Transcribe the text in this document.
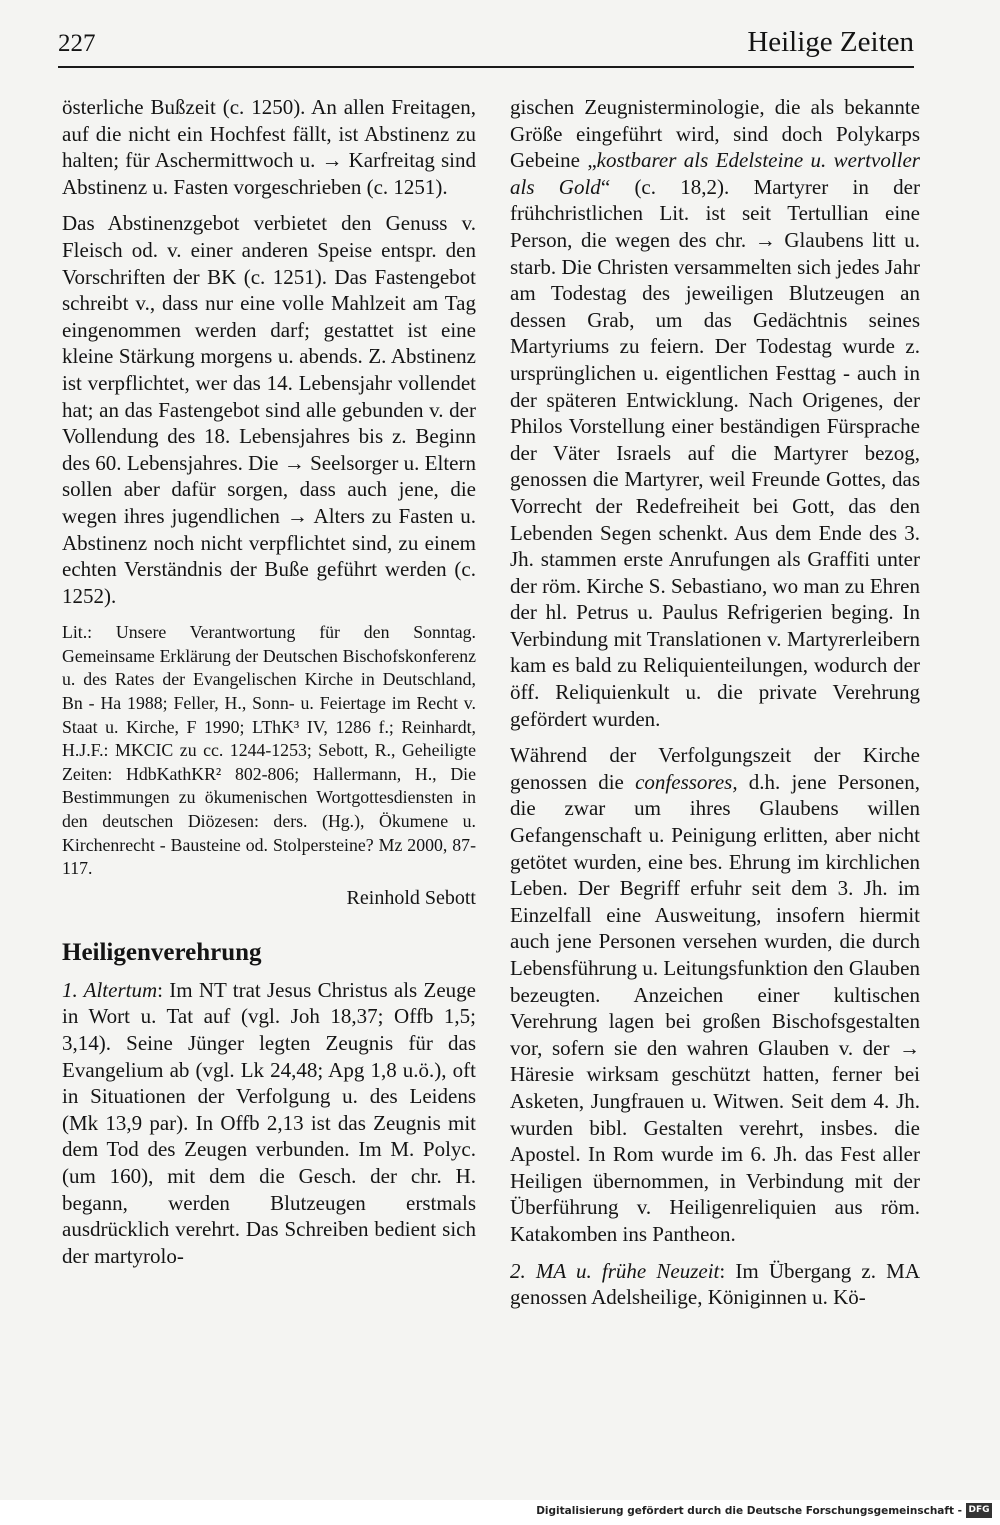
227	Heilige Zeiten

österliche Bußzeit (c. 1250). An allen Freitagen, auf die nicht ein Hochfest fällt, ist Abstinenz zu halten; für Aschermittwoch u. → Karfreitag sind Abstinenz u. Fasten vorgeschrieben (c. 1251).

Das Abstinenzgebot verbietet den Genuss v. Fleisch od. v. einer anderen Speise entspr. den Vorschriften der BK (c. 1251). Das Fastengebot schreibt v., dass nur eine volle Mahlzeit am Tag eingenommen werden darf; gestattet ist eine kleine Stärkung morgens u. abends. Z. Abstinenz ist verpflichtet, wer das 14. Lebensjahr vollendet hat; an das Fastengebot sind alle gebunden v. der Vollendung des 18. Lebensjahres bis z. Beginn des 60. Lebensjahres. Die → Seelsorger u. Eltern sollen aber dafür sorgen, dass auch jene, die wegen ihres jugendlichen → Alters zu Fasten u. Abstinenz noch nicht verpflichtet sind, zu einem echten Verständnis der Buße geführt werden (c. 1252).

Lit.: Unsere Verantwortung für den Sonntag. Gemeinsame Erklärung der Deutschen Bischofskonferenz u. des Rates der Evangelischen Kirche in Deutschland, Bn - Ha 1988; Feller, H., Sonn- u. Feiertage im Recht v. Staat u. Kirche, F 1990; LThK³ IV, 1286 f.; Reinhardt, H.J.F.: MKCIC zu cc. 1244-1253; Sebott, R., Geheiligte Zeiten: HdbKathKR² 802-806; Hallermann, H., Die Bestimmungen zu ökumenischen Wortgottesdiensten in den deutschen Diözesen: ders. (Hg.), Ökumene u. Kirchenrecht - Bausteine od. Stolpersteine? Mz 2000, 87-117.

Reinhold Sebott

Heiligenverehrung

1. Altertum: Im NT trat Jesus Christus als Zeuge in Wort u. Tat auf (vgl. Joh 18,37; Offb 1,5; 3,14). Seine Jünger legten Zeugnis für das Evangelium ab (vgl. Lk 24,48; Apg 1,8 u.ö.), oft in Situationen der Verfolgung u. des Leidens (Mk 13,9 par). In Offb 2,13 ist das Zeugnis mit dem Tod des Zeugen verbunden. Im M. Polyc. (um 160), mit dem die Gesch. der chr. H. begann, werden Blutzeugen erstmals ausdrücklich verehrt. Das Schreiben bedient sich der martyrolo-

gischen Zeugnisterminologie, die als bekannte Größe eingeführt wird, sind doch Polykarps Gebeine „kostbarer als Edelsteine u. wertvoller als Gold“ (c. 18,2). Martyrer in der frühchristlichen Lit. ist seit Tertullian eine Person, die wegen des chr. → Glaubens litt u. starb. Die Christen versammelten sich jedes Jahr am Todestag des jeweiligen Blutzeugen an dessen Grab, um das Gedächtnis seines Martyriums zu feiern. Der Todestag wurde z. ursprünglichen u. eigentlichen Festtag - auch in der späteren Entwicklung. Nach Origenes, der Philos Vorstellung einer beständigen Fürsprache der Väter Israels auf die Martyrer bezog, genossen die Martyrer, weil Freunde Gottes, das Vorrecht der Redefreiheit bei Gott, das den Lebenden Segen schenkt. Aus dem Ende des 3. Jh. stammen erste Anrufungen als Graffiti unter der röm. Kirche S. Sebastiano, wo man zu Ehren der hl. Petrus u. Paulus Refrigerien beging. In Verbindung mit Translationen v. Martyrerleibern kam es bald zu Reliquienteilungen, wodurch der öff. Reliquienkult u. die private Verehrung gefördert wurden.

Während der Verfolgungszeit der Kirche genossen die confessores, d.h. jene Personen, die zwar um ihres Glaubens willen Gefangenschaft u. Peinigung erlitten, aber nicht getötet wurden, eine bes. Ehrung im kirchlichen Leben. Der Begriff erfuhr seit dem 3. Jh. im Einzelfall eine Ausweitung, insofern hiermit auch jene Personen versehen wurden, die durch Lebensführung u. Leitungsfunktion den Glauben bezeugten. Anzeichen einer kultischen Verehrung lagen bei großen Bischofsgestalten vor, sofern sie den wahren Glauben v. der → Häresie wirksam geschützt hatten, ferner bei Asketen, Jungfrauen u. Witwen. Seit dem 4. Jh. wurden bibl. Gestalten verehrt, insbes. die Apostel. In Rom wurde im 6. Jh. das Fest aller Heiligen übernommen, in Verbindung mit der Überführung v. Heiligenreliquien aus röm. Katakomben ins Pantheon.

2. MA u. frühe Neuzeit: Im Übergang z. MA genossen Adelsheilige, Königinnen u. Kö-

Digitalisierung gefördert durch die Deutsche Forschungsgemeinschaft - DFG
